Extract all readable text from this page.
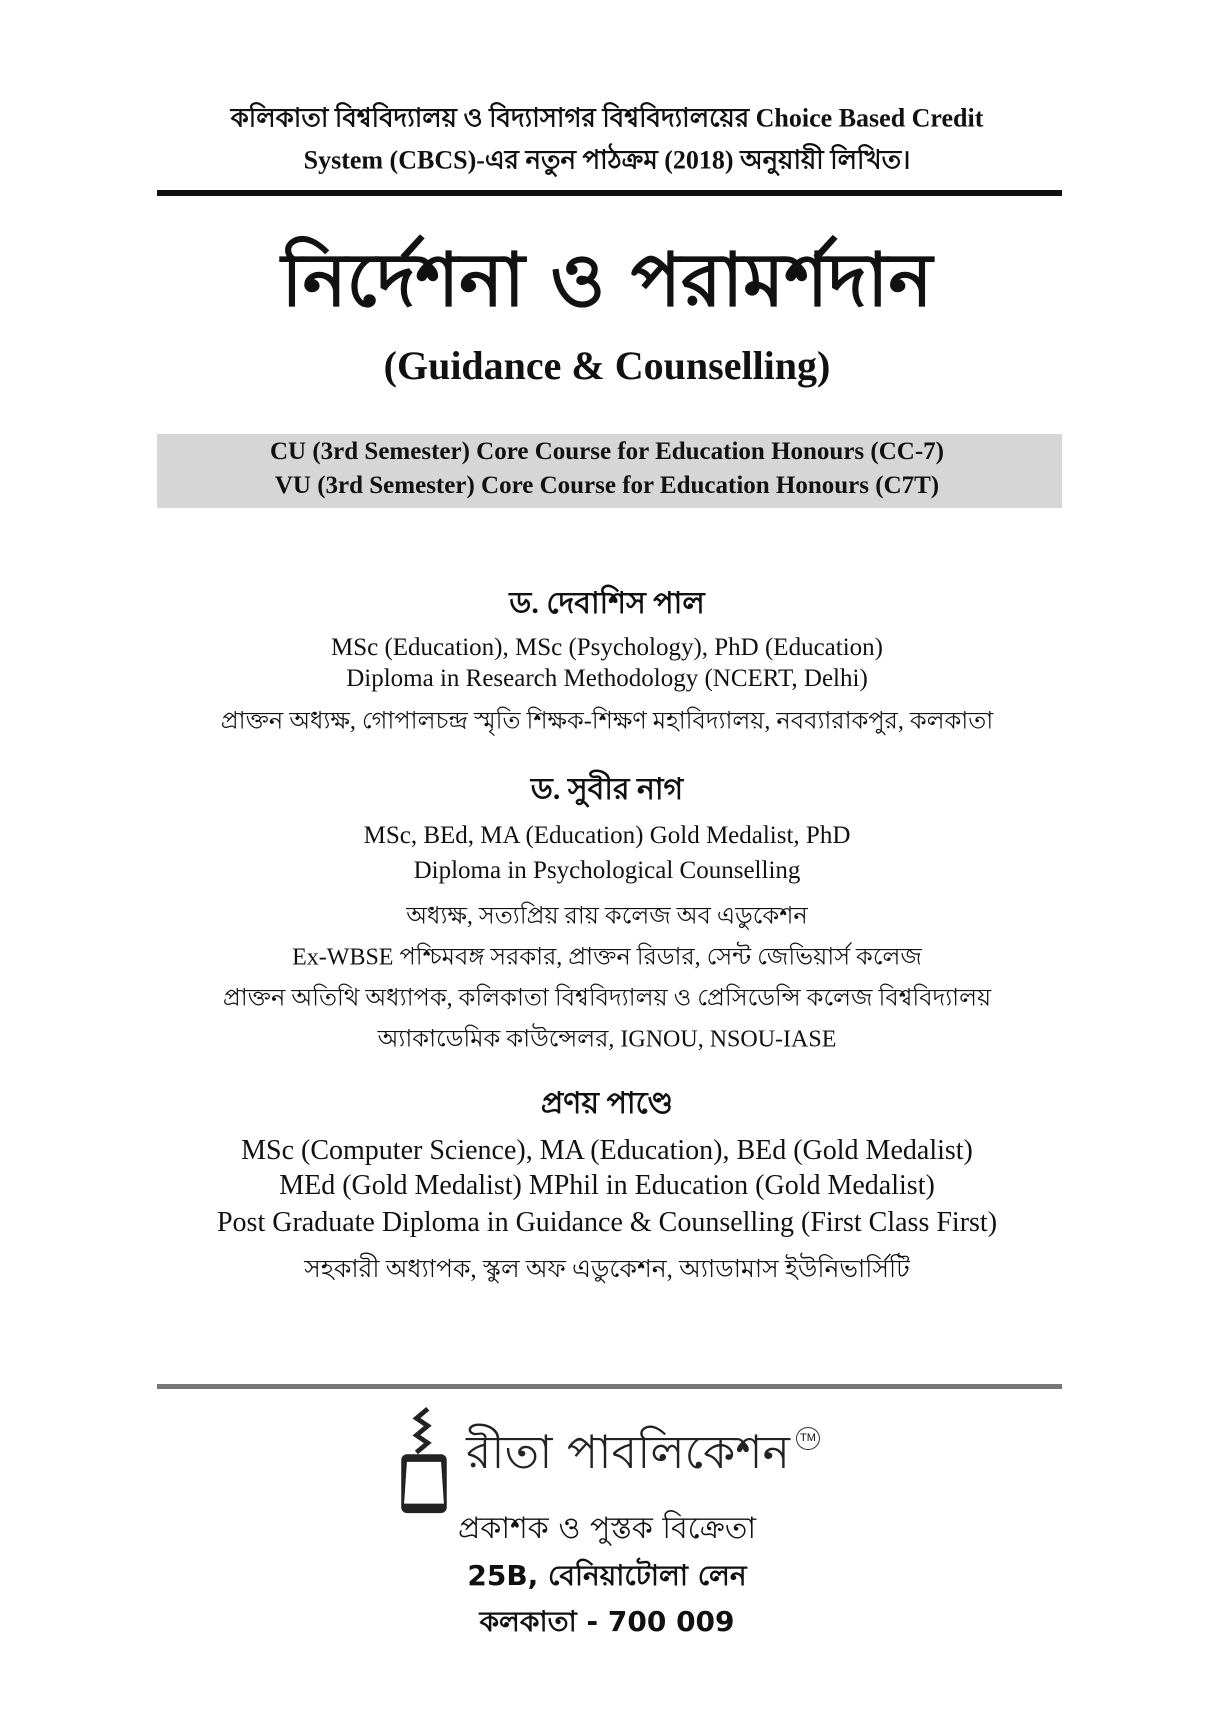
কলিকাতা বিশ্ববিদ্যালয় ও বিদ্যাসাগর বিশ্ববিদ্যালয়ের Choice Based Credit
System (CBCS)-এর নতুন পাঠক্রম (2018) অনুয়ায়ী লিখিত।
নির্দেশনা ও পরামর্শদান
(Guidance & Counselling)
CU (3rd Semester) Core Course for Education Honours (CC-7)
VU (3rd Semester) Core Course for Education Honours (C7T)
ড. দেবাশিস পাল
MSc (Education), MSc (Psychology), PhD (Education)
Diploma in Research Methodology (NCERT, Delhi)
প্রাক্তন অধ্যক্ষ, গোপালচন্দ্র স্মৃতি শিক্ষক-শিক্ষণ মহাবিদ্যালয়, নবব্যারাকপুর, কলকাতা
ড. সুবীর নাগ
MSc, BEd, MA (Education) Gold Medalist, PhD
Diploma in Psychological Counselling
অধ্যক্ষ, সত্যপ্রিয় রায় কলেজ অব এডুকেশন
Ex-WBSE পশ্চিমবঙ্গ সরকার, প্রাক্তন রিডার, সেন্ট জেভিয়ার্স কলেজ
প্রাক্তন অতিথি অধ্যাপক, কলিকাতা বিশ্ববিদ্যালয় ও প্রেসিডেন্সি কলেজ বিশ্ববিদ্যালয়
অ্যাকাডেমিক কাউন্সেলর, IGNOU, NSOU-IASE
প্রণয় পাণ্ডে
MSc (Computer Science), MA (Education), BEd (Gold Medalist)
MEd (Gold Medalist) MPhil in Education (Gold Medalist)
Post Graduate Diploma in Guidance & Counselling (First Class First)
সহকারী অধ্যাপক, স্কুল অফ এডুকেশন, অ্যাডামাস ইউনিভার্সিটি
রীতা পাবলিকেশন TM
প্রকাশক ও পুস্তক বিক্রেতা
25B, বেনিয়াটোলা লেন
কলকাতা - 700 009
